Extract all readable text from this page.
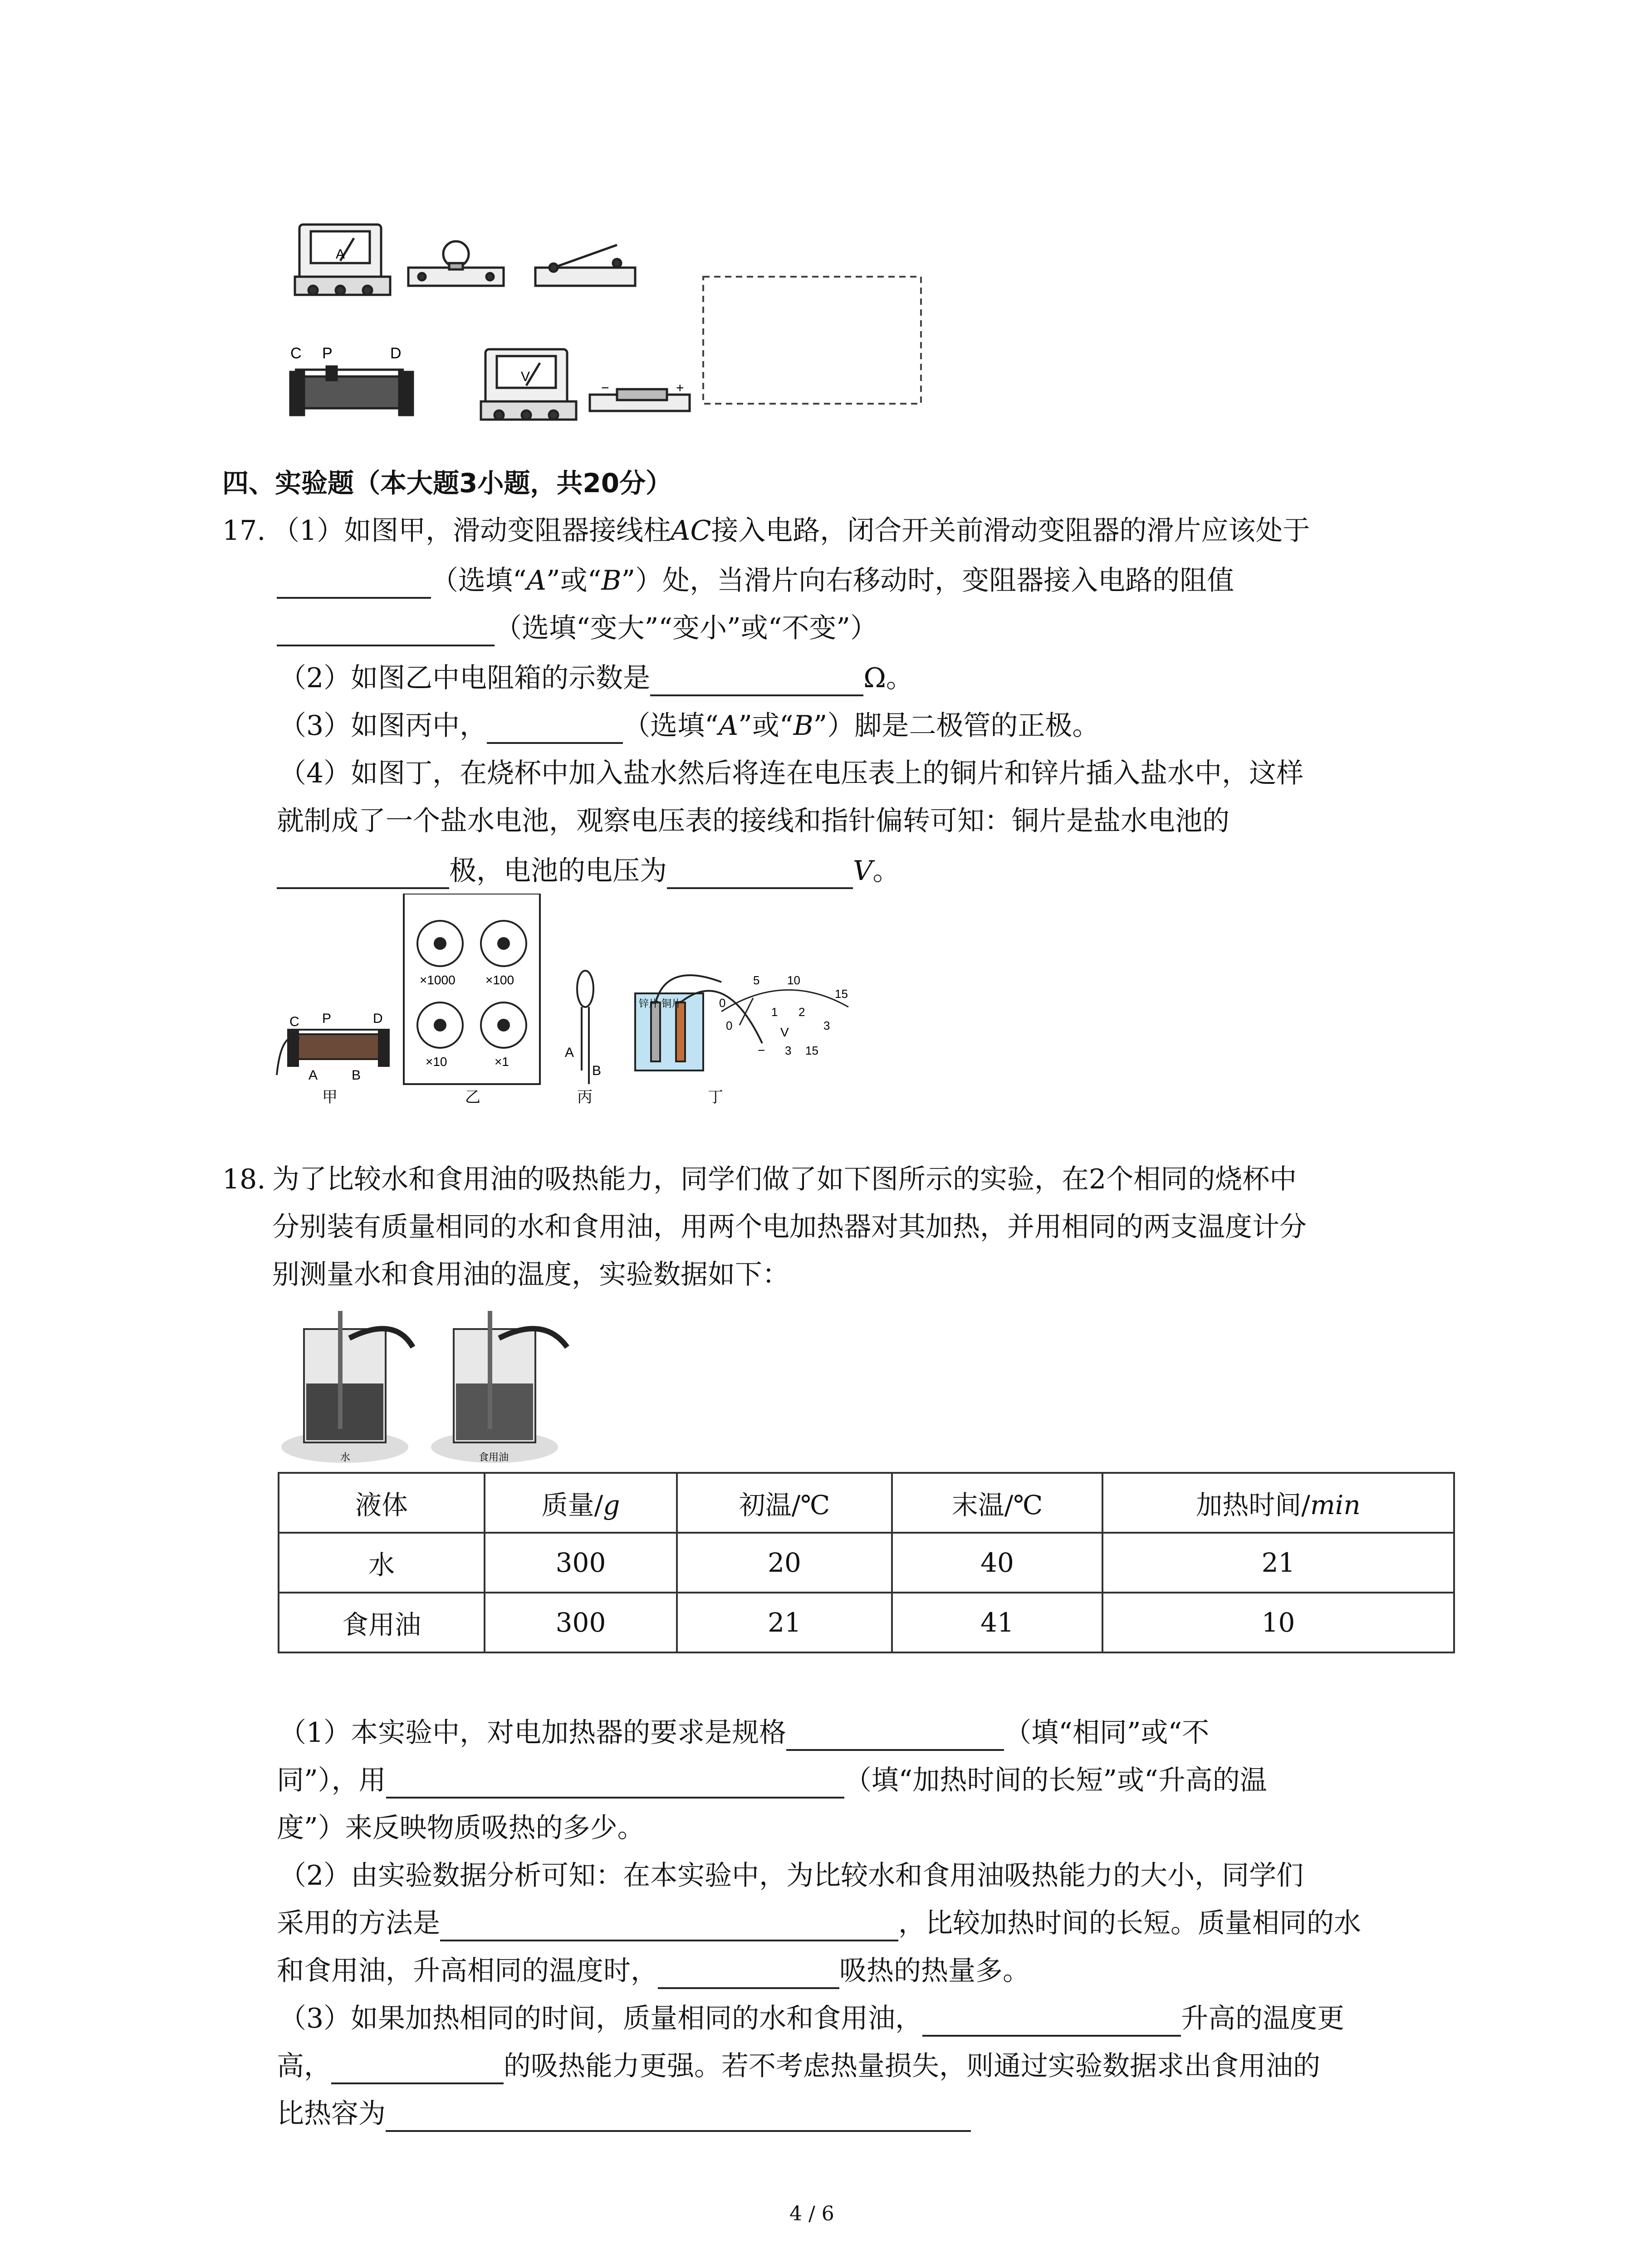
A
C P	D
V
−	+
四、实验题（本大题3小题，共20分）
17. （1）如图甲，滑动变阻器接线柱AC接入电路，闭合开关前滑动变阻器的滑片应该处于
（选填“A”或“B”）处，当滑片向右移动时，变阻器接入电路的阻值
（选填“变大”“变小”或“不变”）
（2）如图乙中电阻箱的示数是	Ω。
（3）如图丙中，	（选填“A”或“B”）脚是二极管的正极。
（4）如图丁，在烧杯中加入盐水然后将连在电压表上的铜片和锌片插入盐水中，这样
就制成了一个盐水电池，观察电压表的接线和指针偏转可知：铜片是盐水电池的
极，电池的电压为	V。
C P	D
A B
甲
×1000 ×100
×10	×1
乙
A
B
丙
锌片 铜片	0
5 10
15
0
1 2
3
V
− 3 15
丁
18. 为了比较水和食用油的吸热能力，同学们做了如下图所示的实验，在2个相同的烧杯中
分别装有质量相同的水和食用油，用两个电加热器对其加热，并用相同的两支温度计分
别测量水和食用油的温度，实验数据如下：
水	食用油
液体	质量/g	初温/℃	末温/℃	加热时间/min
水	300	20	40	21
食用油	300	21	41	10
（1）本实验中，对电加热器的要求是规格	（填“相同”或“不
同”），用	（填“加热时间的长短”或“升高的温
度”）来反映物质吸热的多少。
（2）由实验数据分析可知：在本实验中，为比较水和食用油吸热能力的大小，同学们
采用的方法是	，比较加热时间的长短。质量相同的水
和食用油，升高相同的温度时，	吸热的热量多。
（3）如果加热相同的时间，质量相同的水和食用油，	升高的温度更
高，	的吸热能力更强。若不考虑热量损失，则通过实验数据求出食用油的
比热容为
4 / 6
